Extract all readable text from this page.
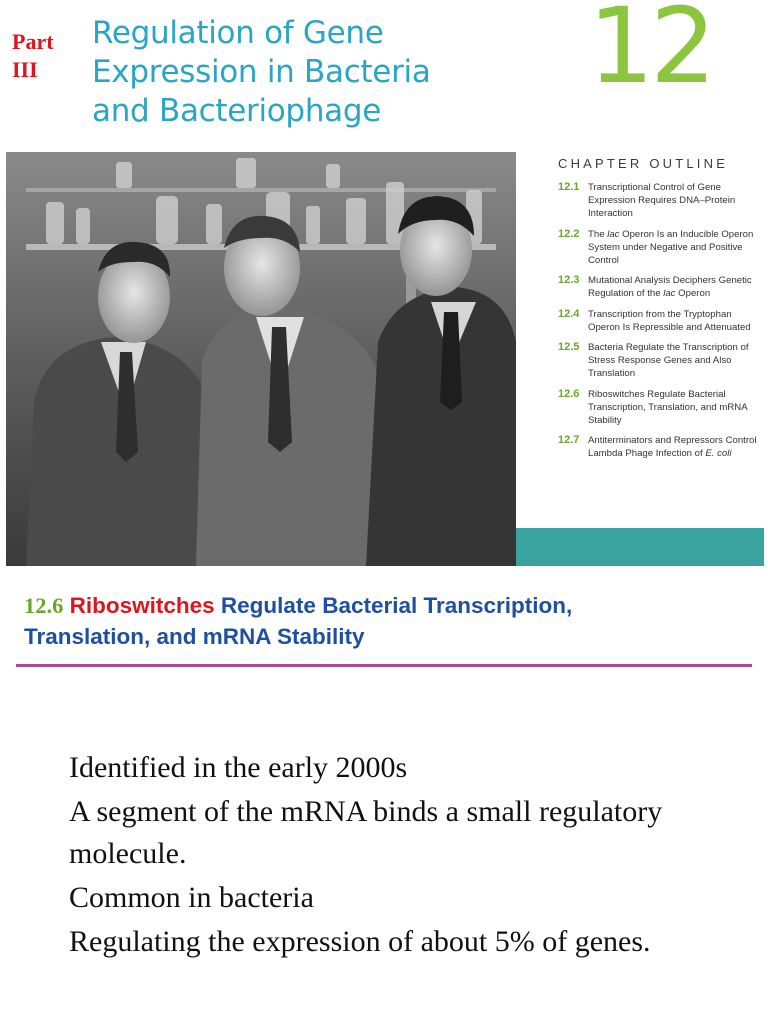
Part
III
Regulation of Gene
Expression in Bacteria
and Bacteriophage
12
CHAPTER OUTLINE
12.1 Transcriptional Control of Gene Expression Requires DNA–Protein Interaction
12.2 The lac Operon Is an Inducible Operon System under Negative and Positive Control
12.3 Mutational Analysis Deciphers Genetic Regulation of the lac Operon
12.4 Transcription from the Tryptophan Operon Is Repressible and Attenuated
12.5 Bacteria Regulate the Transcription of Stress Response Genes and Also Translation
12.6 Riboswitches Regulate Bacterial Transcription, Translation, and mRNA Stability
12.7 Antiterminators and Repressors Control Lambda Phage Infection of E. coli
12.6 Riboswitches Regulate Bacterial Transcription,
Translation, and mRNA Stability
Identified in the early 2000s
A segment of the mRNA binds a small regulatory molecule.
Common in bacteria
Regulating the expression of about 5% of genes.
